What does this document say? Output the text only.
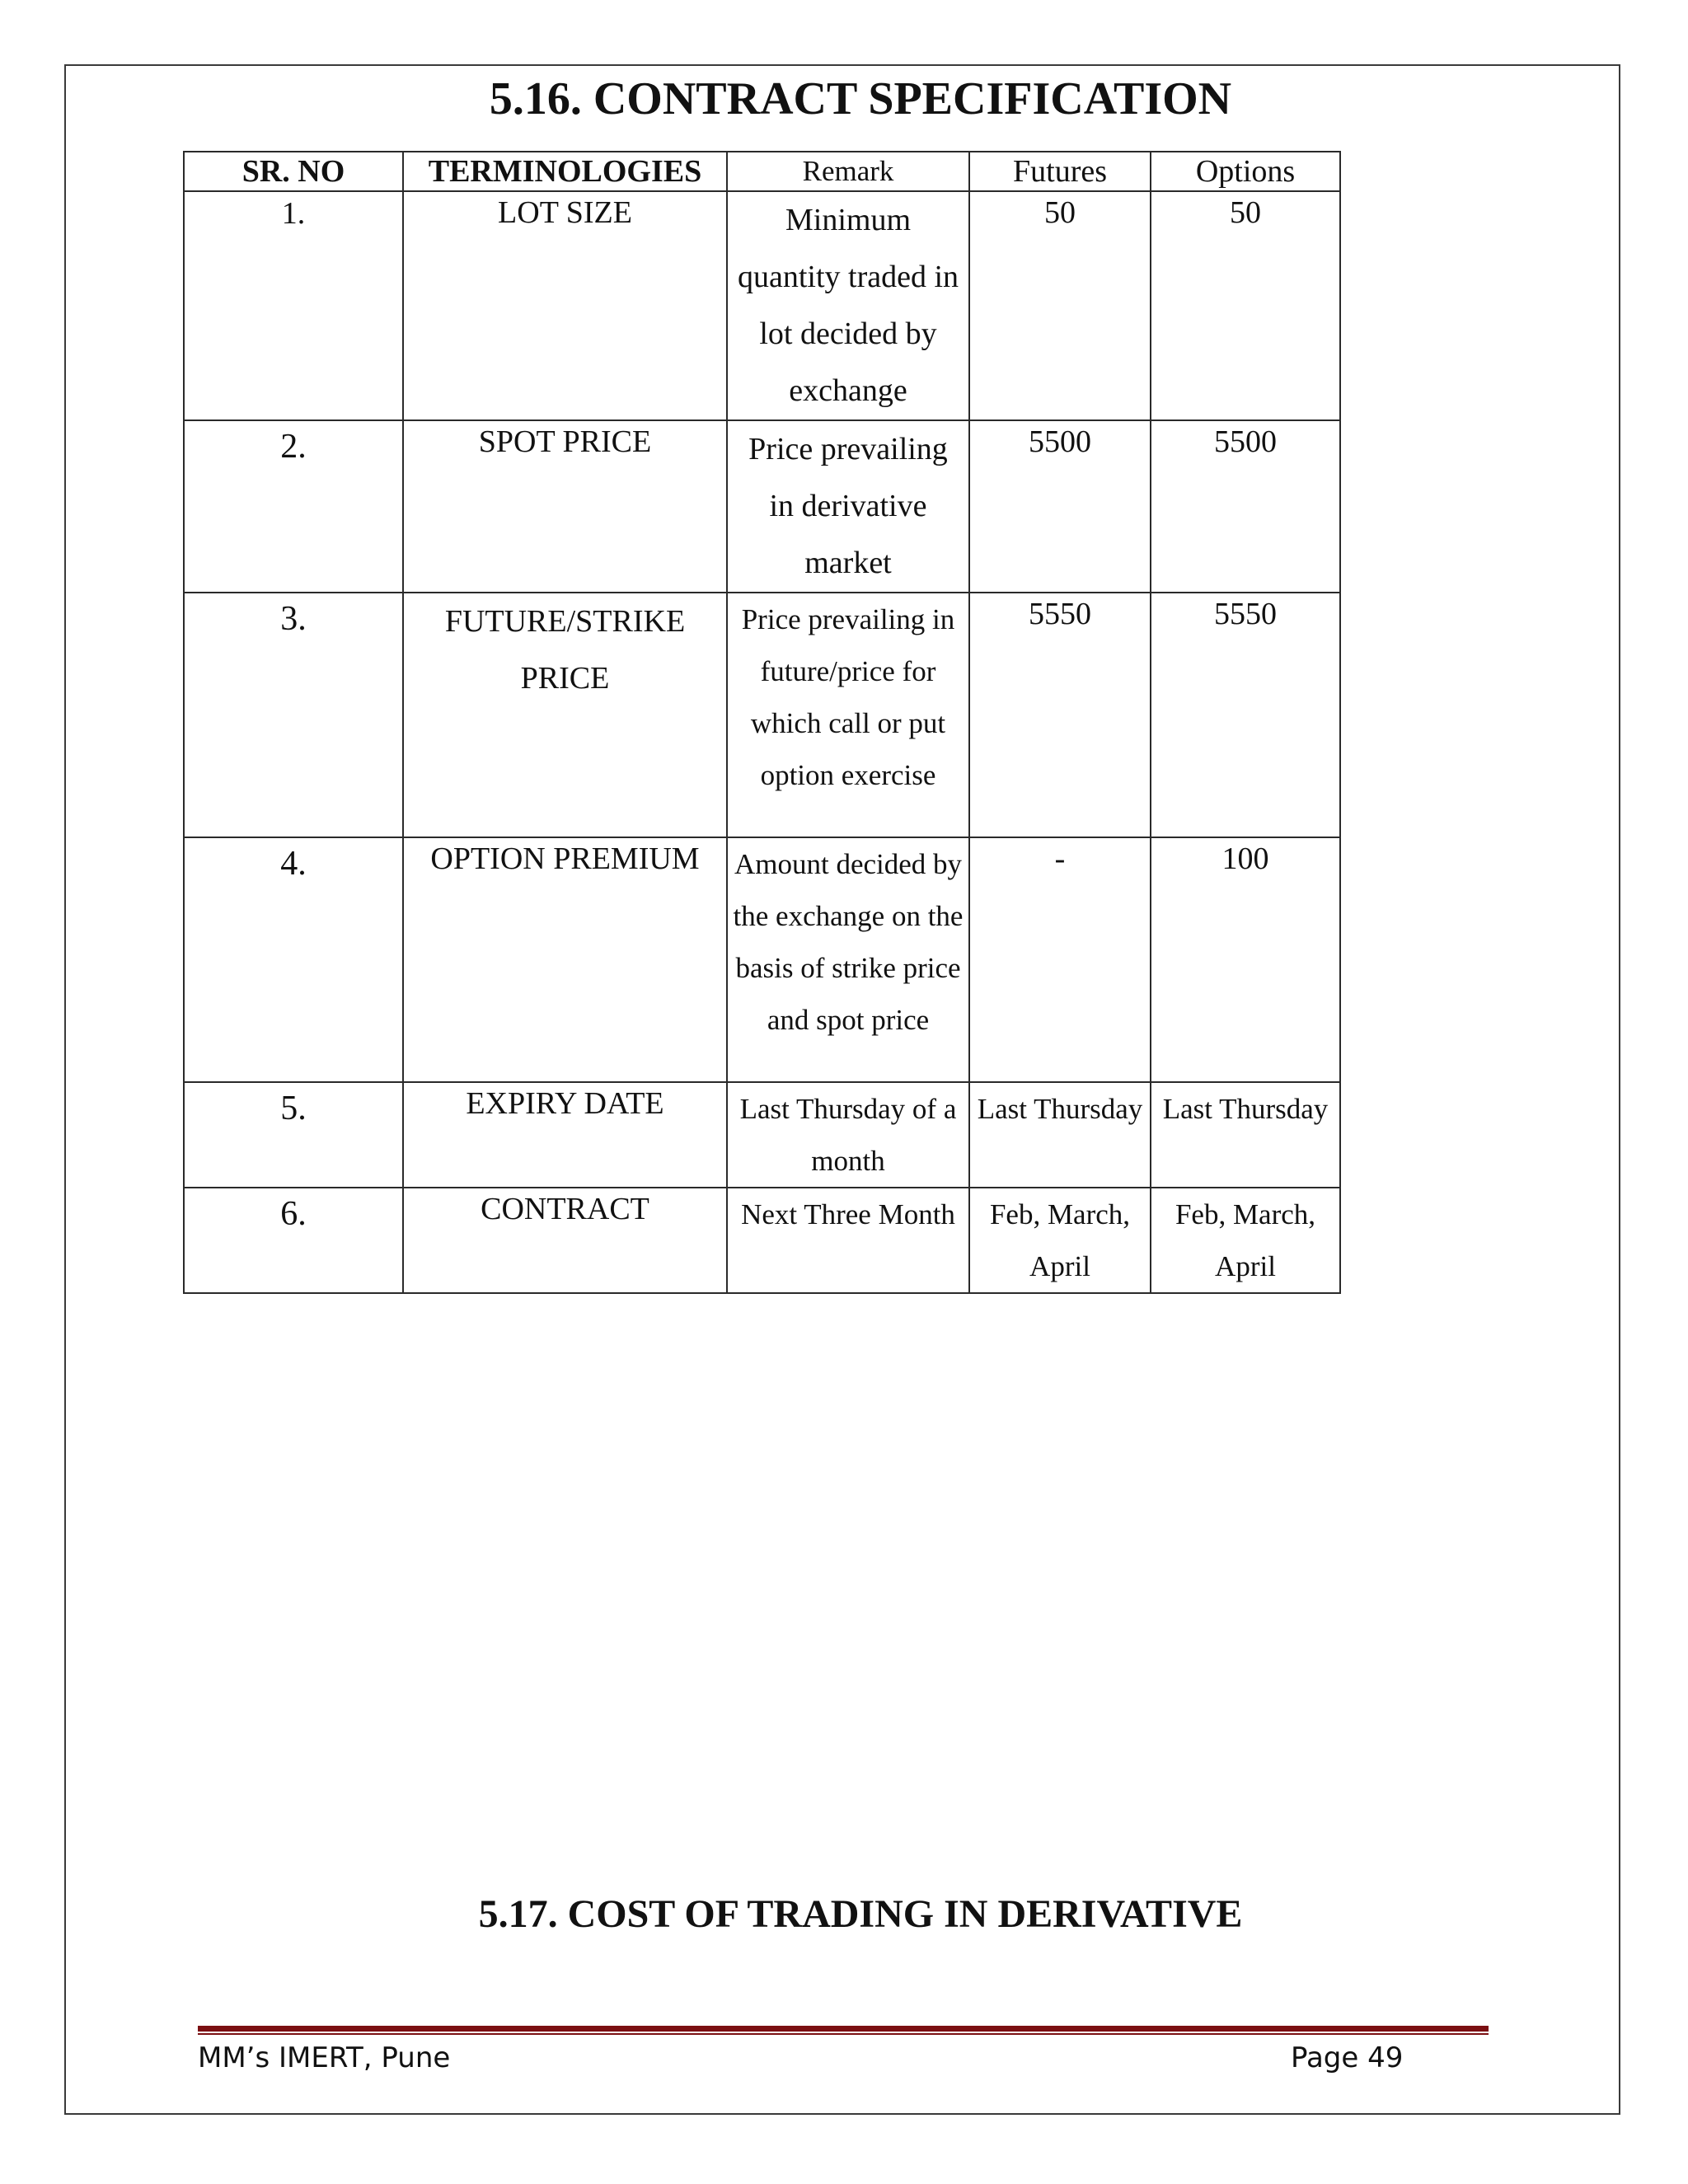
5.16. CONTRACT SPECIFICATION
SR. NO	TERMINOLOGIES	Remark	Futures	Options
1.	LOT SIZE	Minimum quantity traded in lot decided by exchange	50	50
2.	SPOT PRICE	Price prevailing in derivative market	5500	5500
3.	FUTURE/STRIKE PRICE	Price prevailing in future/price for which call or put option exercise	5550	5550
4.	OPTION PREMIUM	Amount decided by the exchange on the basis of strike price and spot price	-	100
5.	EXPIRY DATE	Last Thursday of a month	Last Thursday	Last Thursday
6.	CONTRACT	Next Three Month	Feb, March, April	Feb, March, April
5.17. COST OF TRADING IN DERIVATIVE
MM’s IMERT, Pune	Page 49
